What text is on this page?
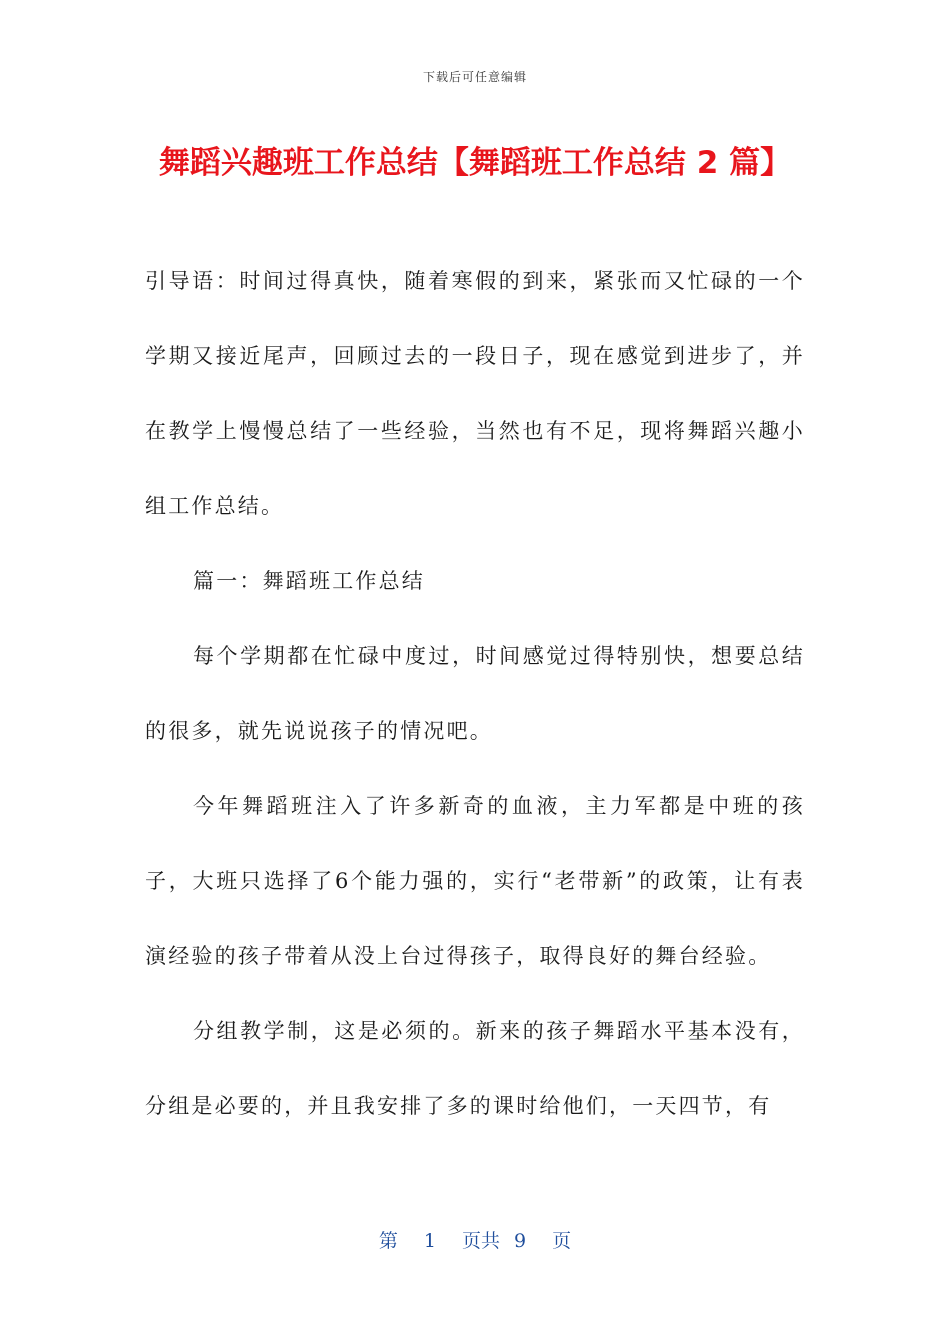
下载后可任意编辑
舞蹈兴趣班工作总结【舞蹈班工作总结 2 篇】

引导语：时间过得真快，随着寒假的到来，紧张而又忙碌的一个学期又接近尾声，回顾过去的一段日子，现在感觉到进步了，并在教学上慢慢总结了一些经验，当然也有不足，现将舞蹈兴趣小组工作总结。

篇一：舞蹈班工作总结

每个学期都在忙碌中度过，时间感觉过得特别快，想要总结的很多，就先说说孩子的情况吧。

今年舞蹈班注入了许多新奇的血液，主力军都是中班的孩子，大班只选择了6个能力强的，实行“老带新”的政策，让有表演经验的孩子带着从没上台过得孩子，取得良好的舞台经验。

分组教学制，这是必须的。新来的孩子舞蹈水平基本没有，分组是必要的，并且我安排了多的课时给他们，一天四节，有

第 1 页共 9 页
